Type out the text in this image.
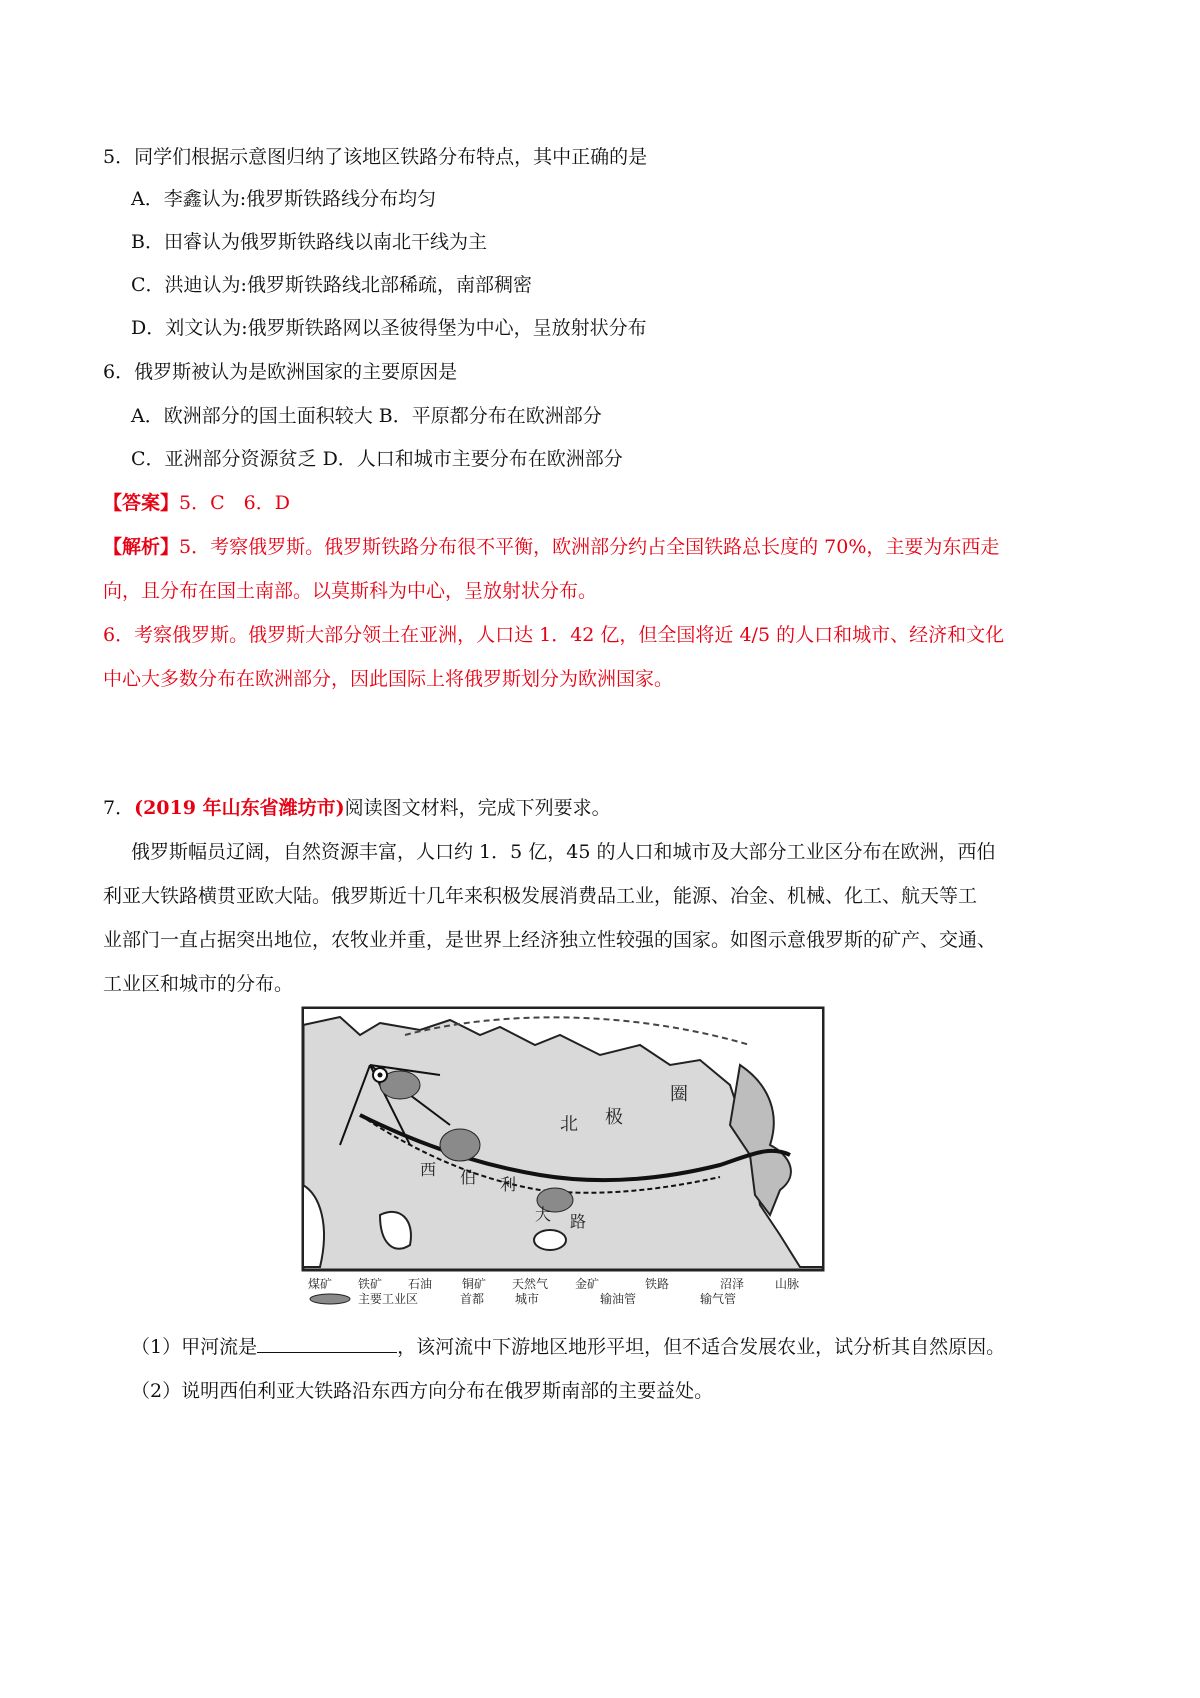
5．同学们根据示意图归纳了该地区铁路分布特点，其中正确的是
A．李鑫认为:俄罗斯铁路线分布均匀
B．田睿认为俄罗斯铁路线以南北干线为主
C．洪迪认为:俄罗斯铁路线北部稀疏，南部稠密
D．刘文认为:俄罗斯铁路网以圣彼得堡为中心，呈放射状分布
6．俄罗斯被认为是欧洲国家的主要原因是
A．欧洲部分的国土面积较大 B．平原都分布在欧洲部分
C．亚洲部分资源贫乏 D．人口和城市主要分布在欧洲部分
【答案】5．C　6．D
【解析】5．考察俄罗斯。俄罗斯铁路分布很不平衡，欧洲部分约占全国铁路总长度的 70%，主要为东西走
向，且分布在国土南部。以莫斯科为中心，呈放射状分布。
6．考察俄罗斯。俄罗斯大部分领土在亚洲，人口达 1．42 亿，但全国将近 4/5 的人口和城市、经济和文化
中心大多数分布在欧洲部分，因此国际上将俄罗斯划分为欧洲国家。
7．(2019 年山东省潍坊市)阅读图文材料，完成下列要求。
俄罗斯幅员辽阔，自然资源丰富，人口约 1．5 亿，45 的人口和城市及大部分工业区分布在欧洲，西伯
利亚大铁路横贯亚欧大陆。俄罗斯近十几年来积极发展消费品工业，能源、冶金、机械、化工、航天等工
业部门一直占据突出地位，农牧业并重，是世界上经济独立性较强的国家。如图示意俄罗斯的矿产、交通、
工业区和城市的分布。
北 极
圈
西 伯 利
大 路
煤矿 铁矿 石油 铜矿 天然气 金矿	铁路	沼泽	山脉
主要工业区	首都	城市	输油管	输气管
（1）甲河流是	，该河流中下游地区地形平坦，但不适合发展农业，试分析其自然原因。
（2）说明西伯利亚大铁路沿东西方向分布在俄罗斯南部的主要益处。
